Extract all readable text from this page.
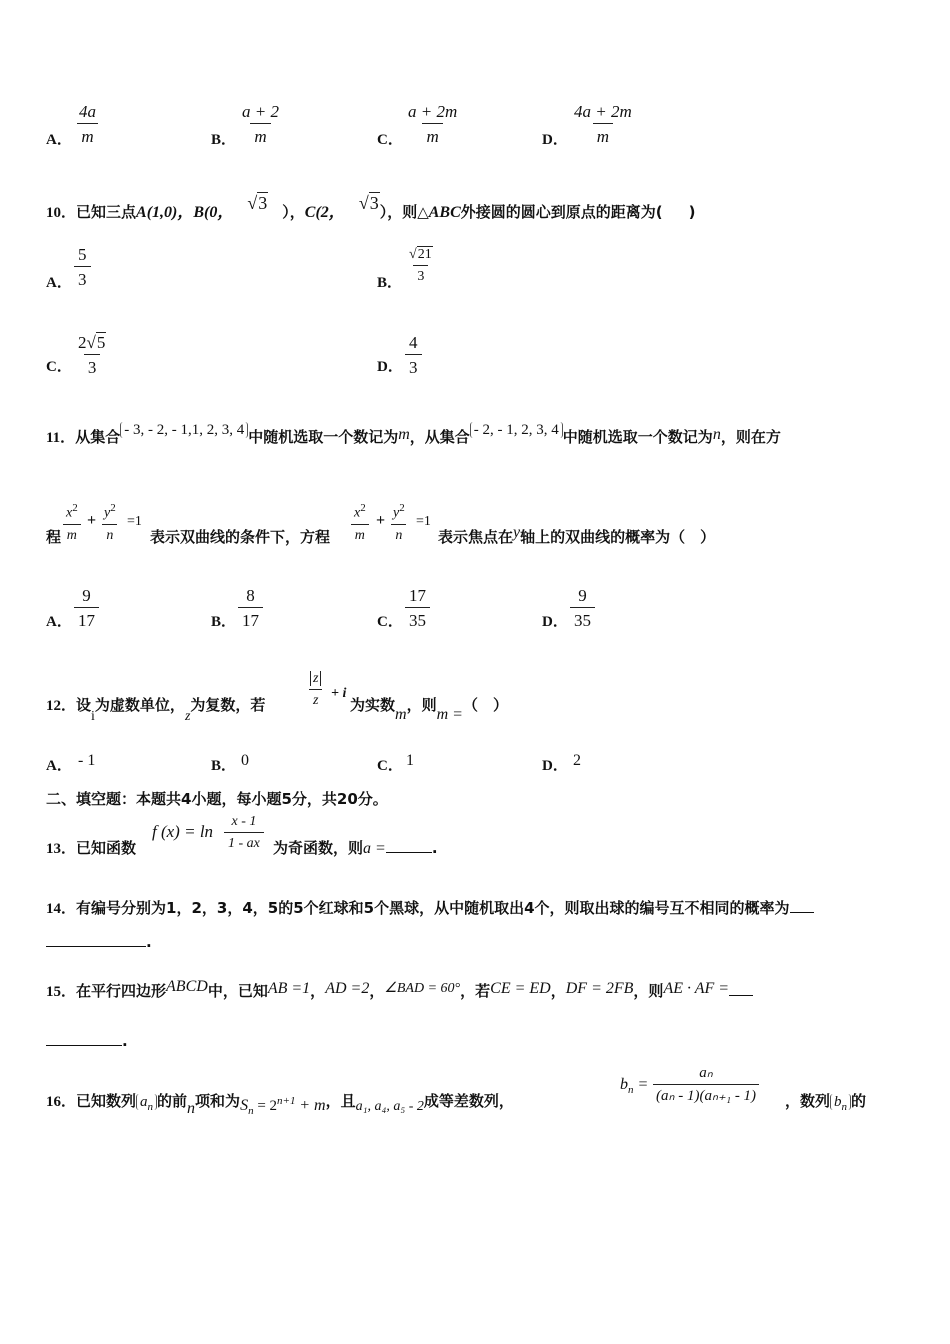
A． $\frac{4a}{m}$	B． $\frac{a + 2}{m}$	C． $\frac{a + 2m}{m}$	D． $\frac{4a + 2m}{m}$
10．已知三点A(1,0)，B(0， √3 ），C(2， √3），则△ABC外接圆的圆心到原点的距离为( )
A． $\frac{5}{3}$	B． $\frac{√21}{3}$
C． $\frac{2√5}{3}$	D． $\frac{4}{3}$
11．从集合 - 3, - 2, - 1,1, 2, 3, 4 中随机选取一个数记为m，从集合 - 2, - 1, 2, 3, 4 中随机选取一个数记为n，则在方
程 $\frac{x^2}{m} + \frac{y^2}{n} =1$
表示双曲线的条件下，方程 $\frac{x^2}{m} + \frac{y^2}{n} =1$
表示焦点在y轴上的双曲线的概率为（　）
A． $\frac{9}{17}$	B． $\frac{8}{17}$	C． $\frac{17}{35}$	D． $\frac{9}{35}$
12．设i为虚数单位，z为复数，若	$\frac{z}{z} + i$
为实数m，则m =（　）
A． - 1	B． 0	C． 1	D． 2
二、填空题：本题共4小题，每小题5分，共20分。
13．已知函数
f $(x) = \ln \frac{x - 1}{1 - ax}$ 为奇函数，则a =	.
14．有编号分别为1，2，3，4，5的5个红球和5个黑球，从中随机取出4个，则取出球的编号互不相同的概率为
.
15．在平行四边形ABCD中，已知AB =1，AD =2，∠BAD = 60°，若CE = ED，DF = 2FB，则AE · AF =
.
16．已知数列 $a_n$ 的前n项和为$S_n = 2^{n+1} + m$，且a₁, a₄, a₅ - 2成等差数列，
$b_n = \frac{\text{aₙ}}{\text{(aₙ - 1)(aₙ₊₁ - 1)}}$ ，数列 $b_n$ 的
